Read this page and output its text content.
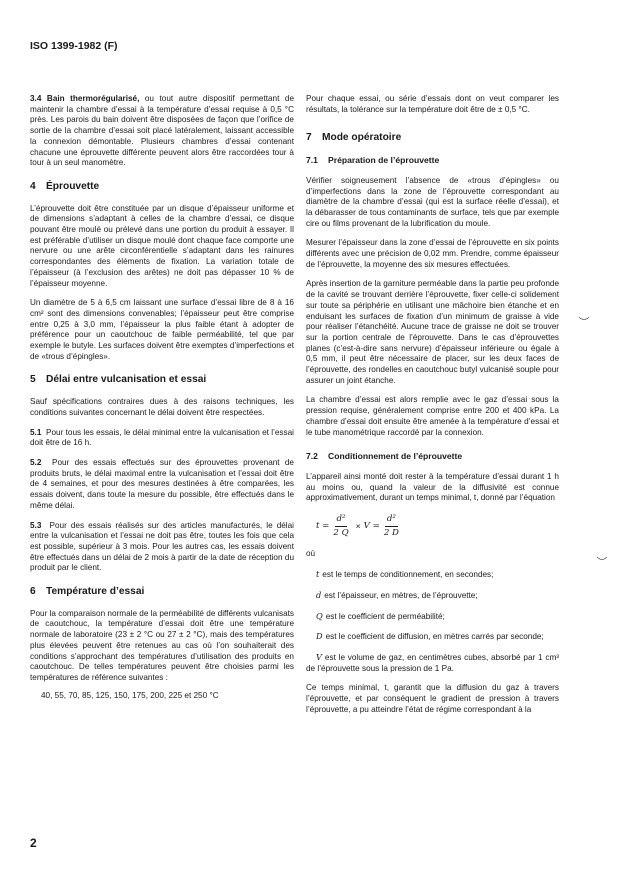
ISO 1399-1982 (F)

3.4 Bain thermorégularisé, ou tout autre dispositif permettant de maintenir la chambre d’essai à la température d’essai requise à 0,5 °C près. Les parois du bain doivent être disposées de façon que l’orifice de sortie de la chambre d’essai soit placé latéralement, laissant accessible la connexion démontable. Plusieurs chambres d’essai contenant chacune une éprouvette différente peuvent alors être raccordées tour à tour à un seul manomètre.

4 Éprouvette

L’éprouvette doit être constituée par un disque d’épaisseur uniforme et de dimensions s’adaptant à celles de la chambre d’essai, ce disque pouvant être moulé ou prélevé dans une portion du produit à essayer. Il est préférable d’utiliser un disque moulé dont chaque face comporte une nervure ou une arête circonférentielle s’adaptant dans les rainures correspondantes des éléments de fixation. La variation totale de l’épaisseur (à l’exclusion des arêtes) ne doit pas dépasser 10 % de l’épaisseur moyenne.

Un diamètre de 5 à 6,5 cm laissant une surface d’essai libre de 8 à 16 cm² sont des dimensions convenables; l’épaisseur peut être comprise entre 0,25 à 3,0 mm, l’épaisseur la plus faible étant à adopter de préférence pour un caoutchouc de faible perméabilité, tel que par exemple le butyle. Les surfaces doivent être exemptes d’imperfections et de «trous d’épingles».

5 Délai entre vulcanisation et essai

Sauf spécifications contraires dues à des raisons techniques, les conditions suivantes concernant le délai doivent être respectées.

5.1 Pour tous les essais, le délai minimal entre la vulcanisation et l’essai doit être de 16 h.

5.2 Pour des essais effectués sur des éprouvettes provenant de produits bruts, le délai maximal entre la vulcanisation et l’essai doit être de 4 semaines, et pour des mesures destinées à être comparées, les essais doivent, dans toute la mesure du possible, être effectués dans le même délai.

5.3 Pour des essais réalisés sur des articles manufacturés, le délai entre la vulcanisation et l’essai ne doit pas être, toutes les fois que cela est possible, supérieur à 3 mois. Pour les autres cas, les essais doivent être effectués dans un délai de 2 mois à partir de la date de réception du produit par le client.

6 Température d’essai

Pour la comparaison normale de la perméabilité de différents vulcanisats de caoutchouc, la température d’essai doit être une température normale de laboratoire (23 ± 2 °C ou 27 ± 2 °C), mais des températures plus élevées peuvent être retenues au cas où l’on souhaiterait des conditions s’approchant des températures d’utilisation des produits en caoutchouc. De telles températures peuvent être choisies parmi les températures de référence suivantes :

40, 55, 70, 85, 125, 150, 175, 200, 225 et 250 °C

Pour chaque essai, ou série d’essais dont on veut comparer les résultats, la tolérance sur la température doit être de ± 0,5 °C.

7 Mode opératoire
7.1 Préparation de l’éprouvette

Vérifier soigneusement l’absence de «trous d’épingles» ou d’imperfections dans la zone de l’éprouvette correspondant au diamètre de la chambre d’essai (qui est la surface réelle d’essai), et la débarasser de tous contaminants de surface, tels que par exemple cire ou films provenant de la lubrification du moule.

Mesurer l’épaisseur dans la zone d’essai de l’éprouvette en six points différents avec une précision de 0,02 mm. Prendre, comme épaisseur de l’éprouvette, la moyenne des six mesures effectuées.

Après insertion de la garniture perméable dans la partie peu profonde de la cavité se trouvant derrière l’éprouvette, fixer celle-ci solidement sur toute sa périphérie en utilisant une mâchoire bien étanche et en enduisant les surfaces de fixation d’un minimum de graisse à vide pour réaliser l’étanchéité. Aucune trace de graisse ne doit se trouver sur la portion centrale de l’éprouvette. Dans le cas d’éprouvettes planes (c’est-à-dire sans nervure) d’épaisseur inférieure ou égale à 0,5 mm, il peut être nécessaire de placer, sur les deux faces de l’éprouvette, des rondelles en caoutchouc butyl vulcanisé souple pour assurer un joint étanche.

La chambre d’essai est alors remplie avec le gaz d’essai sous la pression requise, généralement comprise entre 200 et 400 kPa. La chambre d’essai doit ensuite être amenée à la température d’essai et le tube manométrique raccordé par la connexion.

7.2 Conditionnement de l’éprouvette

L’appareil ainsi monté doit rester à la température d’essai durant 1 h au moins ou, quand la valeur de la diffusivité est connue approximativement, durant un temps minimal, t, donné par l’équation

$t = \frac{\text{d²}}{2 Q} \times V = \frac{\text{d²}}{2 D}$
où
t est le temps de conditionnement, en secondes;
d est l’épaisseur, en mètres, de l’éprouvette;
Q est le coefficient de perméabilité;
D est le coefficient de diffusion, en mètres carrés par seconde;
V est le volume de gaz, en centimètres cubes, absorbé par 1 cm³ de l’éprouvette sous la pression de 1 Pa.

Ce temps minimal, t, garantit que la diffusion du gaz à travers l’éprouvette, et par conséquent le gradient de pression à travers l’éprouvette, a pu atteindre l’état de régime correspondant à la

2
